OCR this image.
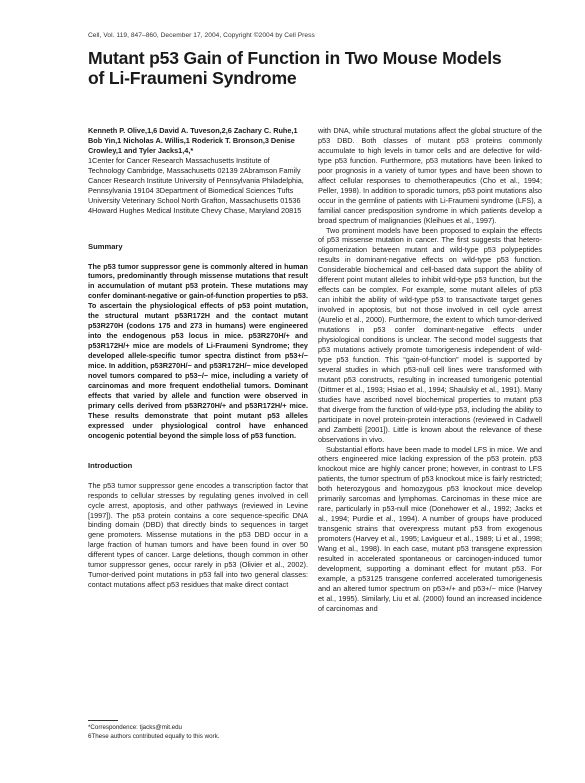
Cell, Vol. 119, 847–860, December 17, 2004, Copyright ©2004 by Cell Press
Mutant p53 Gain of Function in Two Mouse Models of Li-Fraumeni Syndrome

Kenneth P. Olive,1,6 David A. Tuveson,2,6 Zachary C. Ruhe,1 Bob Yin,1 Nicholas A. Willis,1 Roderick T. Bronson,3 Denise Crowley,1 and Tyler Jacks1,4,*

1Center for Cancer Research Massachusetts Institute of Technology Cambridge, Massachusetts 02139 2Abramson Family Cancer Research Institute University of Pennsylvania Philadelphia, Pennsylvania 19104 3Department of Biomedical Sciences Tufts University Veterinary School North Grafton, Massachusetts 01536 4Howard Hughes Medical Institute Chevy Chase, Maryland 20815

Summary

The p53 tumor suppressor gene is commonly altered in human tumors, predominantly through missense mutations that result in accumulation of mutant p53 protein. These mutations may confer dominant-negative or gain-of-function properties to p53. To ascertain the physiological effects of p53 point mutation, the structural mutant p53R172H and the contact mutant p53R270H (codons 175 and 273 in humans) were engineered into the endogenous p53 locus in mice. p53R270H/+ and p53R172H/+ mice are models of Li-Fraumeni Syndrome; they developed allele-specific tumor spectra distinct from p53+/− mice. In addition, p53R270H/− and p53R172H/− mice developed novel tumors compared to p53−/− mice, including a variety of carcinomas and more frequent endothelial tumors. Dominant effects that varied by allele and function were observed in primary cells derived from p53R270H/+ and p53R172H/+ mice. These results demonstrate that point mutant p53 alleles expressed under physiological control have enhanced oncogenic potential beyond the simple loss of p53 function.

Introduction

The p53 tumor suppressor gene encodes a transcription factor that responds to cellular stresses by regulating genes involved in cell cycle arrest, apoptosis, and other pathways (reviewed in Levine [1997]). The p53 protein contains a core sequence-specific DNA binding domain (DBD) that directly binds to sequences in target gene promoters. Missense mutations in the p53 DBD occur in a large fraction of human tumors and have been found in over 50 different types of cancer. Large deletions, though common in other tumor suppressor genes, occur rarely in p53 (Olivier et al., 2002). Tumor-derived point mutations in p53 fall into two general classes: contact mutations affect p53 residues that make direct contact

*Correspondence: tjacks@mit.edu

6These authors contributed equally to this work.

with DNA, while structural mutations affect the global structure of the p53 DBD. Both classes of mutant p53 proteins commonly accumulate to high levels in tumor cells and are defective for wild-type p53 function. Furthermore, p53 mutations have been linked to poor prognosis in a variety of tumor types and have been shown to affect cellular responses to chemotherapeutics (Cho et al., 1994; Peller, 1998). In addition to sporadic tumors, p53 point mutations also occur in the germline of patients with Li-Fraumeni syndrome (LFS), a familial cancer predisposition syndrome in which patients develop a broad spectrum of malignancies (Kleihues et al., 1997).

Two prominent models have been proposed to explain the effects of p53 missense mutation in cancer. The first suggests that hetero-oligomerization between mutant and wild-type p53 polypeptides results in dominant-negative effects on wild-type p53 function. Considerable biochemical and cell-based data support the ability of different point mutant alleles to inhibit wild-type p53 function, but the effects can be complex. For example, some mutant alleles of p53 can inhibit the ability of wild-type p53 to transactivate target genes involved in apoptosis, but not those involved in cell cycle arrest (Aurelio et al., 2000). Furthermore, the extent to which tumor-derived mutations in p53 confer dominant-negative effects under physiological conditions is unclear. The second model suggests that p53 mutations actively promote tumorigenesis independent of wild-type p53 function. This “gain-of-function” model is supported by several studies in which p53-null cell lines were transformed with mutant p53 constructs, resulting in increased tumorigenic potential (Dittmer et al., 1993; Hsiao et al., 1994; Shaulsky et al., 1991). Many studies have ascribed novel biochemical properties to mutant p53 that diverge from the function of wild-type p53, including the ability to participate in novel protein-protein interactions (reviewed in Cadwell and Zambetti [2001]). Little is known about the relevance of these observations in vivo.

Substantial efforts have been made to model LFS in mice. We and others engineered mice lacking expression of the p53 protein. p53 knockout mice are highly cancer prone; however, in contrast to LFS patients, the tumor spectrum of p53 knockout mice is fairly restricted; both heterozygous and homozygous p53 knockout mice develop primarily sarcomas and lymphomas. Carcinomas in these mice are rare, particularly in p53-null mice (Donehower et al., 1992; Jacks et al., 1994; Purdie et al., 1994). A number of groups have produced transgenic strains that overexpress mutant p53 from exogenous promoters (Harvey et al., 1995; Lavigueur et al., 1989; Li et al., 1998; Wang et al., 1998). In each case, mutant p53 transgene expression resulted in accelerated spontaneous or carcinogen-induced tumor development, supporting a dominant effect for mutant p53. For example, a p53125 transgene conferred accelerated tumorigenesis and an altered tumor spectrum on p53+/+ and p53+/− mice (Harvey et al., 1995). Similarly, Liu et al. (2000) found an increased incidence of carcinomas and
